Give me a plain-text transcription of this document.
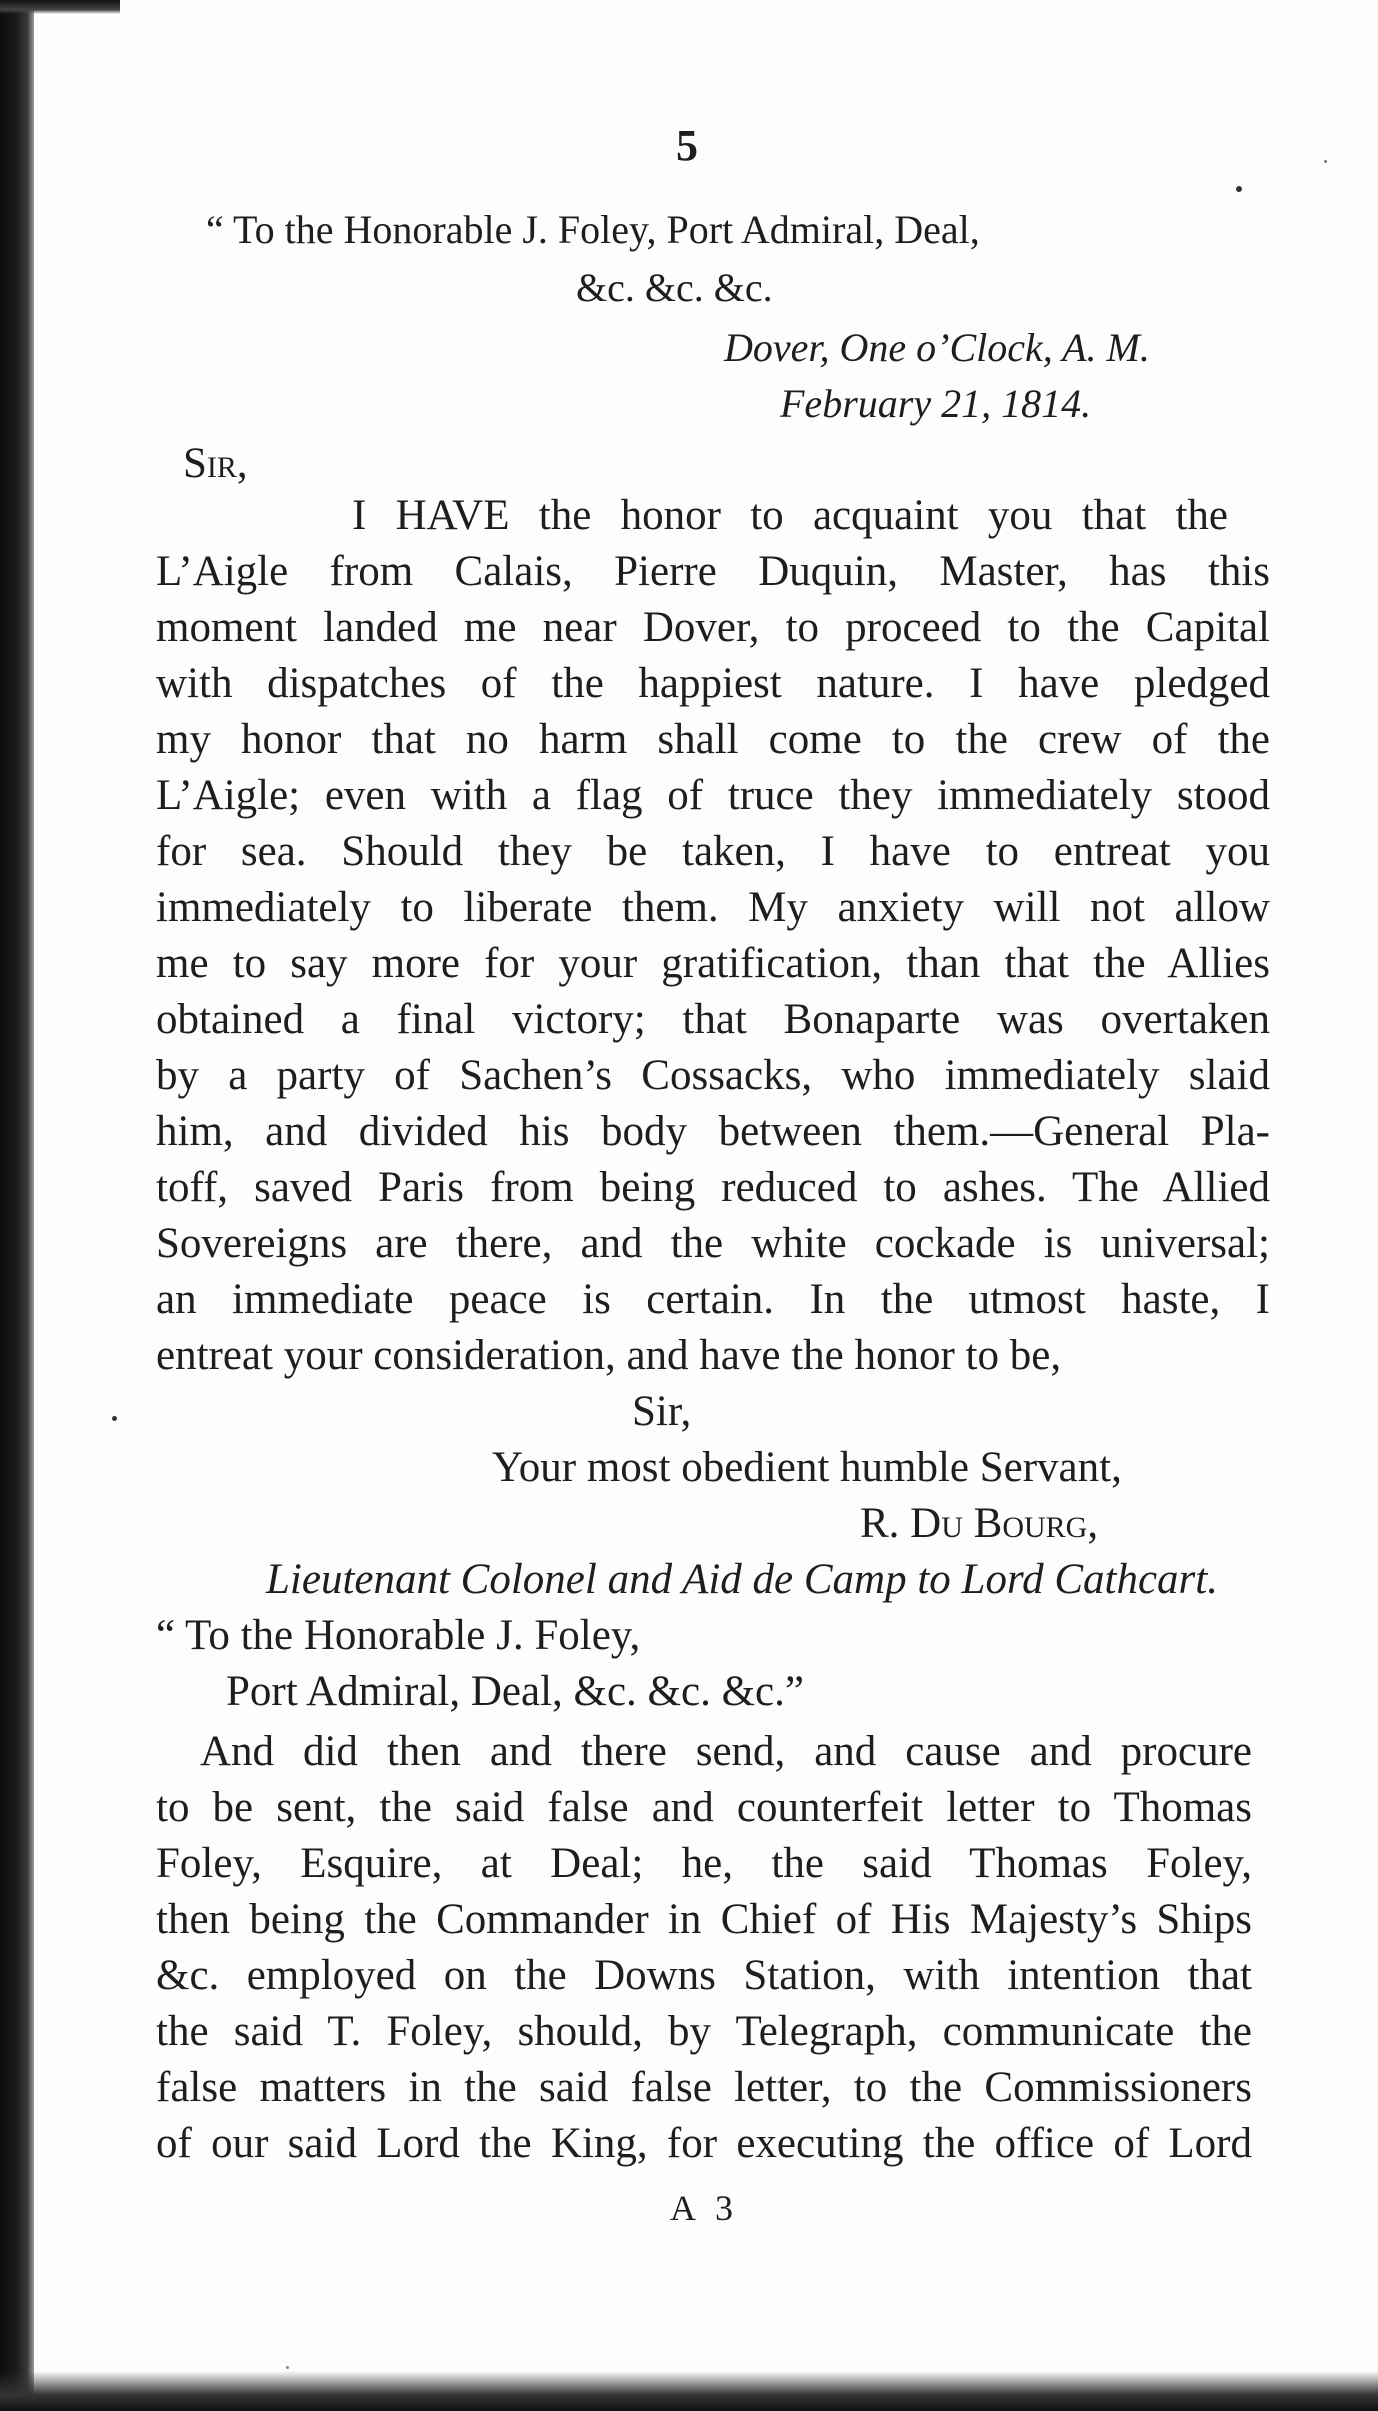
5
“ To the Honorable J. Foley, Port Admiral, Deal,
&c. &c. &c.
Dover, One o’Clock, A. M.
February 21, 1814.
Sir,
I HAVE the honor to acquaint you that the
L’Aigle from Calais, Pierre Duquin, Master, has this
moment landed me near Dover, to proceed to the Capital
with dispatches of the happiest nature. I have pledged
my honor that no harm shall come to the crew of the
L’Aigle; even with a flag of truce they immediately stood
for sea. Should they be taken, I have to entreat you
immediately to liberate them. My anxiety will not allow
me to say more for your gratification, than that the Allies
obtained a final victory; that Bonaparte was overtaken
by a party of Sachen’s Cossacks, who immediately slaid
him, and divided his body between them.—General Pla-
toff, saved Paris from being reduced to ashes. The Allied
Sovereigns are there, and the white cockade is universal;
an immediate peace is certain. In the utmost haste, I
entreat your consideration, and have the honor to be,
Sir,
Your most obedient humble Servant,
R. Du Bourg,
Lieutenant Colonel and Aid de Camp to Lord Cathcart.
“ To the Honorable J. Foley,
Port Admiral, Deal, &c. &c. &c.”
And did then and there send, and cause and procure
to be sent, the said false and counterfeit letter to Thomas
Foley, Esquire, at Deal; he, the said Thomas Foley,
then being the Commander in Chief of His Majesty’s Ships
&c. employed on the Downs Station, with intention that
the said T. Foley, should, by Telegraph, communicate the
false matters in the said false letter, to the Commissioners
of our said Lord the King, for executing the office of Lord
A 3
